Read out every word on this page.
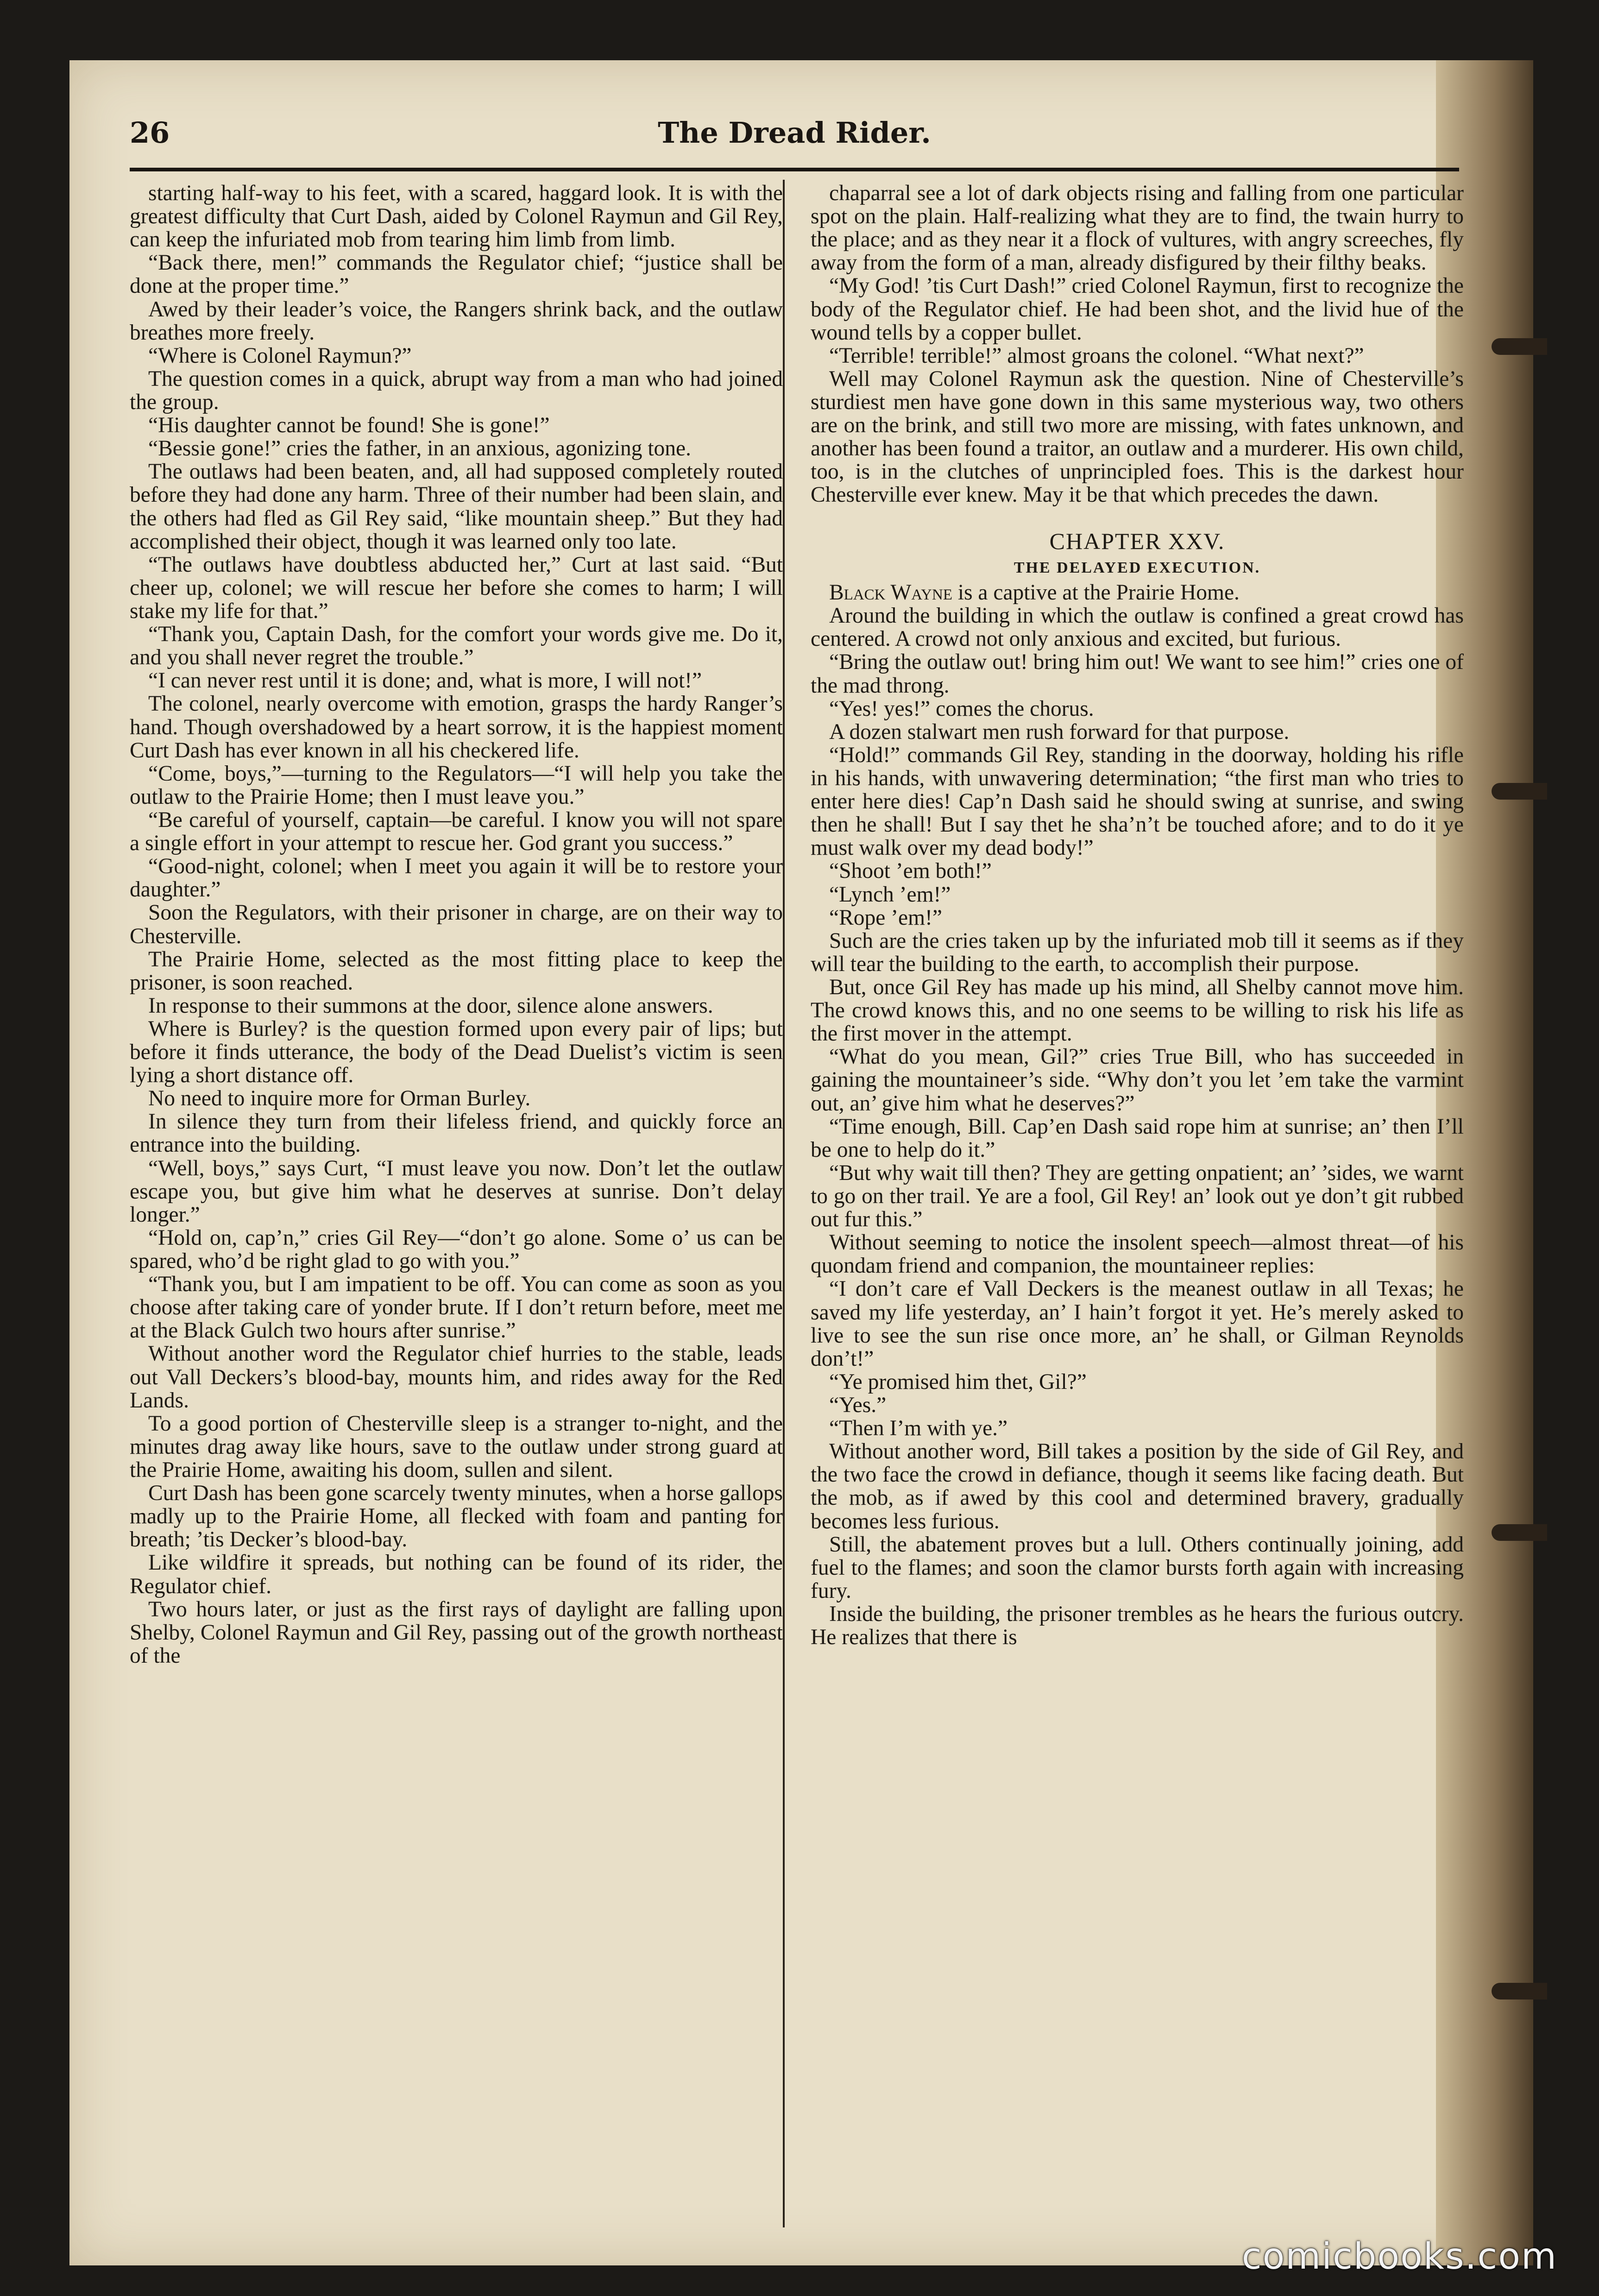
26	The Dread Rider.

starting half-way to his feet, with a scared, haggard look. It is with the greatest difficulty that Curt Dash, aided by Colonel Raymun and Gil Rey, can keep the infuriated mob from tearing him limb from limb.

“Back there, men!” commands the Regulator chief; “justice shall be done at the proper time.”

Awed by their leader’s voice, the Rangers shrink back, and the outlaw breathes more freely.

“Where is Colonel Raymun?”

The question comes in a quick, abrupt way from a man who had joined the group.

“His daughter cannot be found! She is gone!”

“Bessie gone!” cries the father, in an anxious, agonizing tone.

The outlaws had been beaten, and, all had supposed completely routed before they had done any harm. Three of their number had been slain, and the others had fled as Gil Rey said, “like mountain sheep.” But they had accomplished their object, though it was learned only too late.

“The outlaws have doubtless abducted her,” Curt at last said. “But cheer up, colonel; we will rescue her before she comes to harm; I will stake my life for that.”

“Thank you, Captain Dash, for the comfort your words give me. Do it, and you shall never regret the trouble.”

“I can never rest until it is done; and, what is more, I will not!”

The colonel, nearly overcome with emotion, grasps the hardy Ranger’s hand. Though overshadowed by a heart sorrow, it is the happiest moment Curt Dash has ever known in all his checkered life.

“Come, boys,”—turning to the Regulators—“I will help you take the outlaw to the Prairie Home; then I must leave you.”

“Be careful of yourself, captain—be careful. I know you will not spare a single effort in your attempt to rescue her. God grant you success.”

“Good-night, colonel; when I meet you again it will be to restore your daughter.”

Soon the Regulators, with their prisoner in charge, are on their way to Chesterville.

The Prairie Home, selected as the most fitting place to keep the prisoner, is soon reached.

In response to their summons at the door, silence alone answers.

Where is Burley? is the question formed upon every pair of lips; but before it finds utterance, the body of the Dead Duelist’s victim is seen lying a short distance off.

No need to inquire more for Orman Burley.

In silence they turn from their lifeless friend, and quickly force an entrance into the building.

“Well, boys,” says Curt, “I must leave you now. Don’t let the outlaw escape you, but give him what he deserves at sunrise. Don’t delay longer.”

“Hold on, cap’n,” cries Gil Rey—“don’t go alone. Some o’ us can be spared, who’d be right glad to go with you.”

“Thank you, but I am impatient to be off. You can come as soon as you choose after taking care of yonder brute. If I don’t return before, meet me at the Black Gulch two hours after sunrise.”

Without another word the Regulator chief hurries to the stable, leads out Vall Deckers’s blood-bay, mounts him, and rides away for the Red Lands.

To a good portion of Chesterville sleep is a stranger to-night, and the minutes drag away like hours, save to the outlaw under strong guard at the Prairie Home, awaiting his doom, sullen and silent.

Curt Dash has been gone scarcely twenty minutes, when a horse gallops madly up to the Prairie Home, all flecked with foam and panting for breath; ’tis Decker’s blood-bay.

Like wildfire it spreads, but nothing can be found of its rider, the Regulator chief.

Two hours later, or just as the first rays of daylight are falling upon Shelby, Colonel Raymun and Gil Rey, passing out of the growth northeast of the

chaparral see a lot of dark objects rising and falling from one particular spot on the plain. Half-realizing what they are to find, the twain hurry to the place; and as they near it a flock of vultures, with angry screeches, fly away from the form of a man, already disfigured by their filthy beaks.

“My God! ’tis Curt Dash!” cried Colonel Raymun, first to recognize the body of the Regulator chief. He had been shot, and the livid hue of the wound tells by a copper bullet.

“Terrible! terrible!” almost groans the colonel. “What next?”

Well may Colonel Raymun ask the question. Nine of Chesterville’s sturdiest men have gone down in this same mysterious way, two others are on the brink, and still two more are missing, with fates unknown, and another has been found a traitor, an outlaw and a murderer. His own child, too, is in the clutches of unprincipled foes. This is the darkest hour Chesterville ever knew. May it be that which precedes the dawn.

CHAPTER XXV.

THE DELAYED EXECUTION.

Black Wayne is a captive at the Prairie Home.

Around the building in which the outlaw is confined a great crowd has centered. A crowd not only anxious and excited, but furious.

“Bring the outlaw out! bring him out! We want to see him!” cries one of the mad throng.

“Yes! yes!” comes the chorus.

A dozen stalwart men rush forward for that purpose.

“Hold!” commands Gil Rey, standing in the doorway, holding his rifle in his hands, with unwavering determination; “the first man who tries to enter here dies! Cap’n Dash said he should swing at sunrise, and swing then he shall! But I say thet he sha’n’t be touched afore; and to do it ye must walk over my dead body!”

“Shoot ’em both!”

“Lynch ’em!”

“Rope ’em!”

Such are the cries taken up by the infuriated mob till it seems as if they will tear the building to the earth, to accomplish their purpose.

But, once Gil Rey has made up his mind, all Shelby cannot move him. The crowd knows this, and no one seems to be willing to risk his life as the first mover in the attempt.

“What do you mean, Gil?” cries True Bill, who has succeeded in gaining the mountaineer’s side. “Why don’t you let ’em take the varmint out, an’ give him what he deserves?”

“Time enough, Bill. Cap’en Dash said rope him at sunrise; an’ then I’ll be one to help do it.”

“But why wait till then? They are getting onpatient; an’ ’sides, we warnt to go on ther trail. Ye are a fool, Gil Rey! an’ look out ye don’t git rubbed out fur this.”

Without seeming to notice the insolent speech—almost threat—of his quondam friend and companion, the mountaineer replies:

“I don’t care ef Vall Deckers is the meanest outlaw in all Texas; he saved my life yesterday, an’ I hain’t forgot it yet. He’s merely asked to live to see the sun rise once more, an’ he shall, or Gilman Reynolds don’t!”

“Ye promised him thet, Gil?”

“Yes.”

“Then I’m with ye.”

Without another word, Bill takes a position by the side of Gil Rey, and the two face the crowd in defiance, though it seems like facing death. But the mob, as if awed by this cool and determined bravery, gradually becomes less furious.

Still, the abatement proves but a lull. Others continually joining, add fuel to the flames; and soon the clamor bursts forth again with increasing fury.

Inside the building, the prisoner trembles as he hears the furious outcry. He realizes that there is

comicbooks.com
